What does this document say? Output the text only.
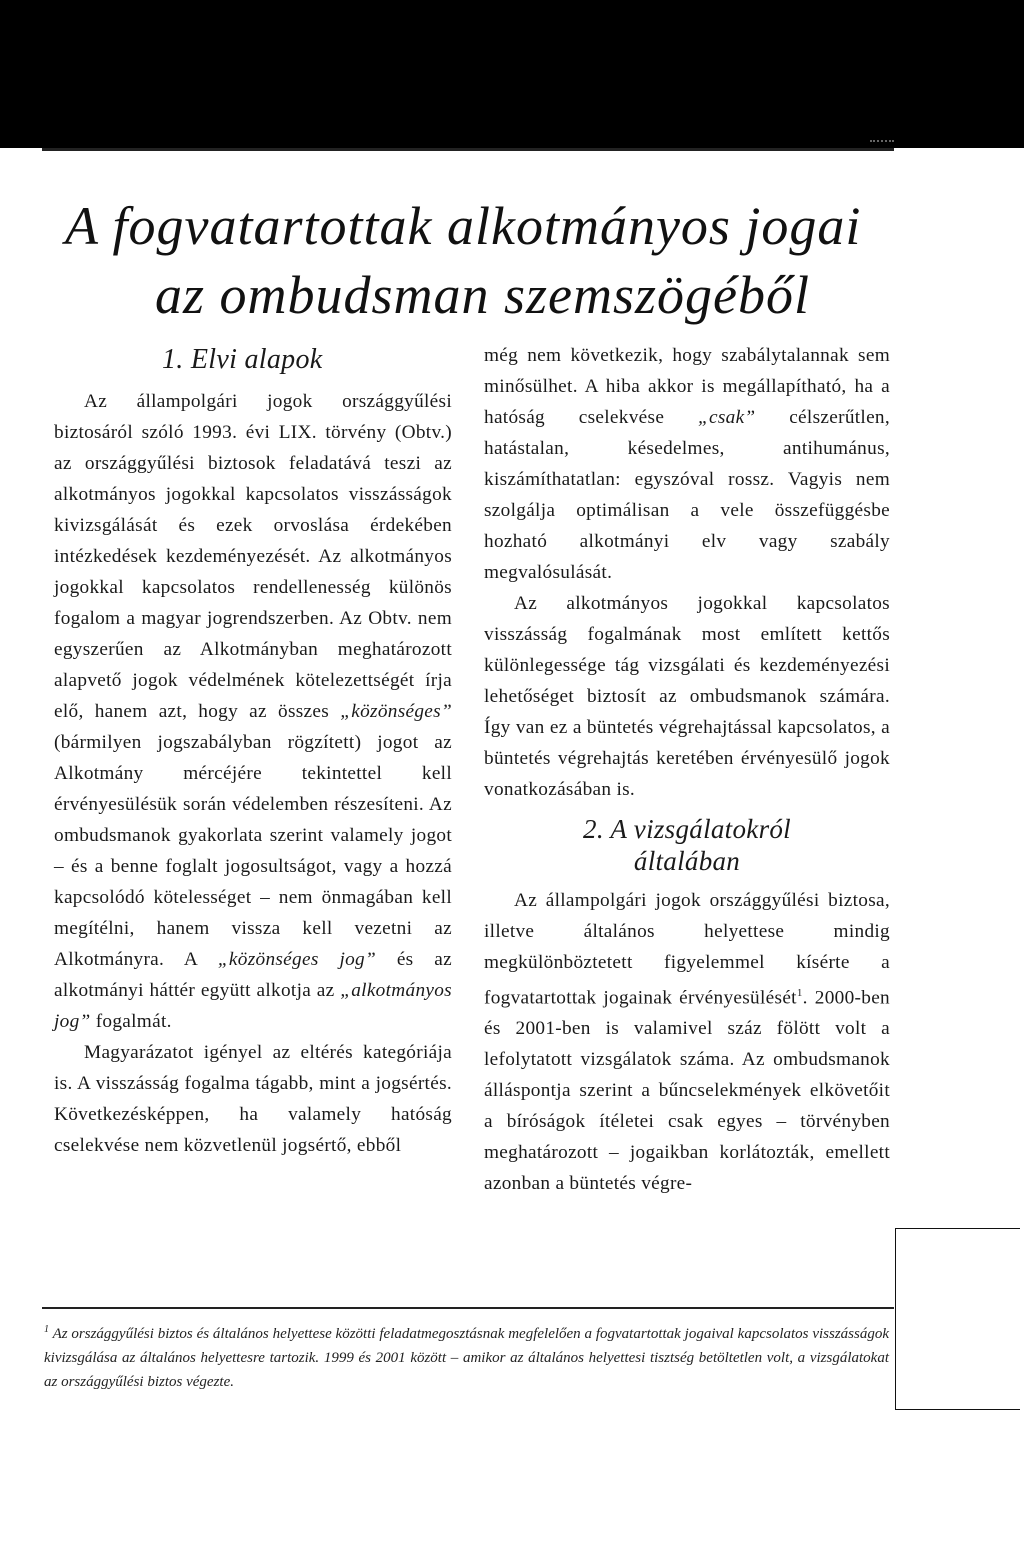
A fogvatartottak alkotmányos jogai
az ombudsman szemszögéből

1. Elvi alapok

Az állampolgári jogok országgyűlési biztosáról szóló 1993. évi LIX. törvény (Obtv.) az országgyűlési biztosok feladatává teszi az alkotmányos jogokkal kapcsolatos visszásságok kivizsgálását és ezek orvoslása érdekében intézkedések kezdeményezését. Az alkotmányos jogokkal kapcsolatos rendellenesség különös fogalom a magyar jogrendszerben. Az Obtv. nem egyszerűen az Alkotmányban meghatározott alapvető jogok védelmének kötelezettségét írja elő, hanem azt, hogy az összes „közönséges” (bármilyen jogszabályban rögzített) jogot az Alkotmány mércéjére tekintettel kell érvényesülésük során védelemben részesíteni. Az ombudsmanok gyakorlata szerint valamely jogot – és a benne foglalt jogosultságot, vagy a hozzá kapcsolódó kötelességet – nem önmagában kell megítélni, hanem vissza kell vezetni az Alkotmányra. A „közönséges jog” és az alkotmányi háttér együtt alkotja az „alkotmányos jog” fogalmát.

Magyarázatot igényel az eltérés kategóriája is. A visszásság fogalma tágabb, mint a jogsértés. Következésképpen, ha valamely hatóság cselekvése nem közvetlenül jogsértő, ebből

még nem következik, hogy szabálytalannak sem minősülhet. A hiba akkor is megállapítható, ha a hatóság cselekvése „csak” célszerűtlen, hatástalan, késedelmes, antihumánus, kiszámíthatatlan: egyszóval rossz. Vagyis nem szolgálja optimálisan a vele összefüggésbe hozható alkotmányi elv vagy szabály megvalósulását.

Az alkotmányos jogokkal kapcsolatos visszásság fogalmának most említett kettős különlegessége tág vizsgálati és kezdeményezési lehetőséget biztosít az ombudsmanok számára. Így van ez a büntetés végrehajtással kapcsolatos, a büntetés végrehajtás keretében érvényesülő jogok vonatkozásában is.

2. A vizsgálatokról
általában

Az állampolgári jogok országgyűlési biztosa, illetve általános helyettese mindig megkülönböztetett figyelemmel kísérte a fogvatartottak jogainak érvényesülését$^1$. 2000-ben és 2001-ben is valamivel száz fölött volt a lefolytatott vizsgálatok száma. Az ombudsmanok álláspontja szerint a bűncselekmények elkövetőit a bíróságok ítéletei csak egyes – törvényben meghatározott – jogaikban korlátozták, emellett azonban a büntetés végre-

$^1$ Az országgyűlési biztos és általános helyettese közötti feladatmegosztásnak megfelelően a fogvatartottak jogaival kapcsolatos visszásságok kivizsgálása az általános helyettesre tartozik. 1999 és 2001 között – amikor az általános helyettesi tisztség betöltetlen volt, a vizsgálatokat az országgyűlési biztos végezte.
